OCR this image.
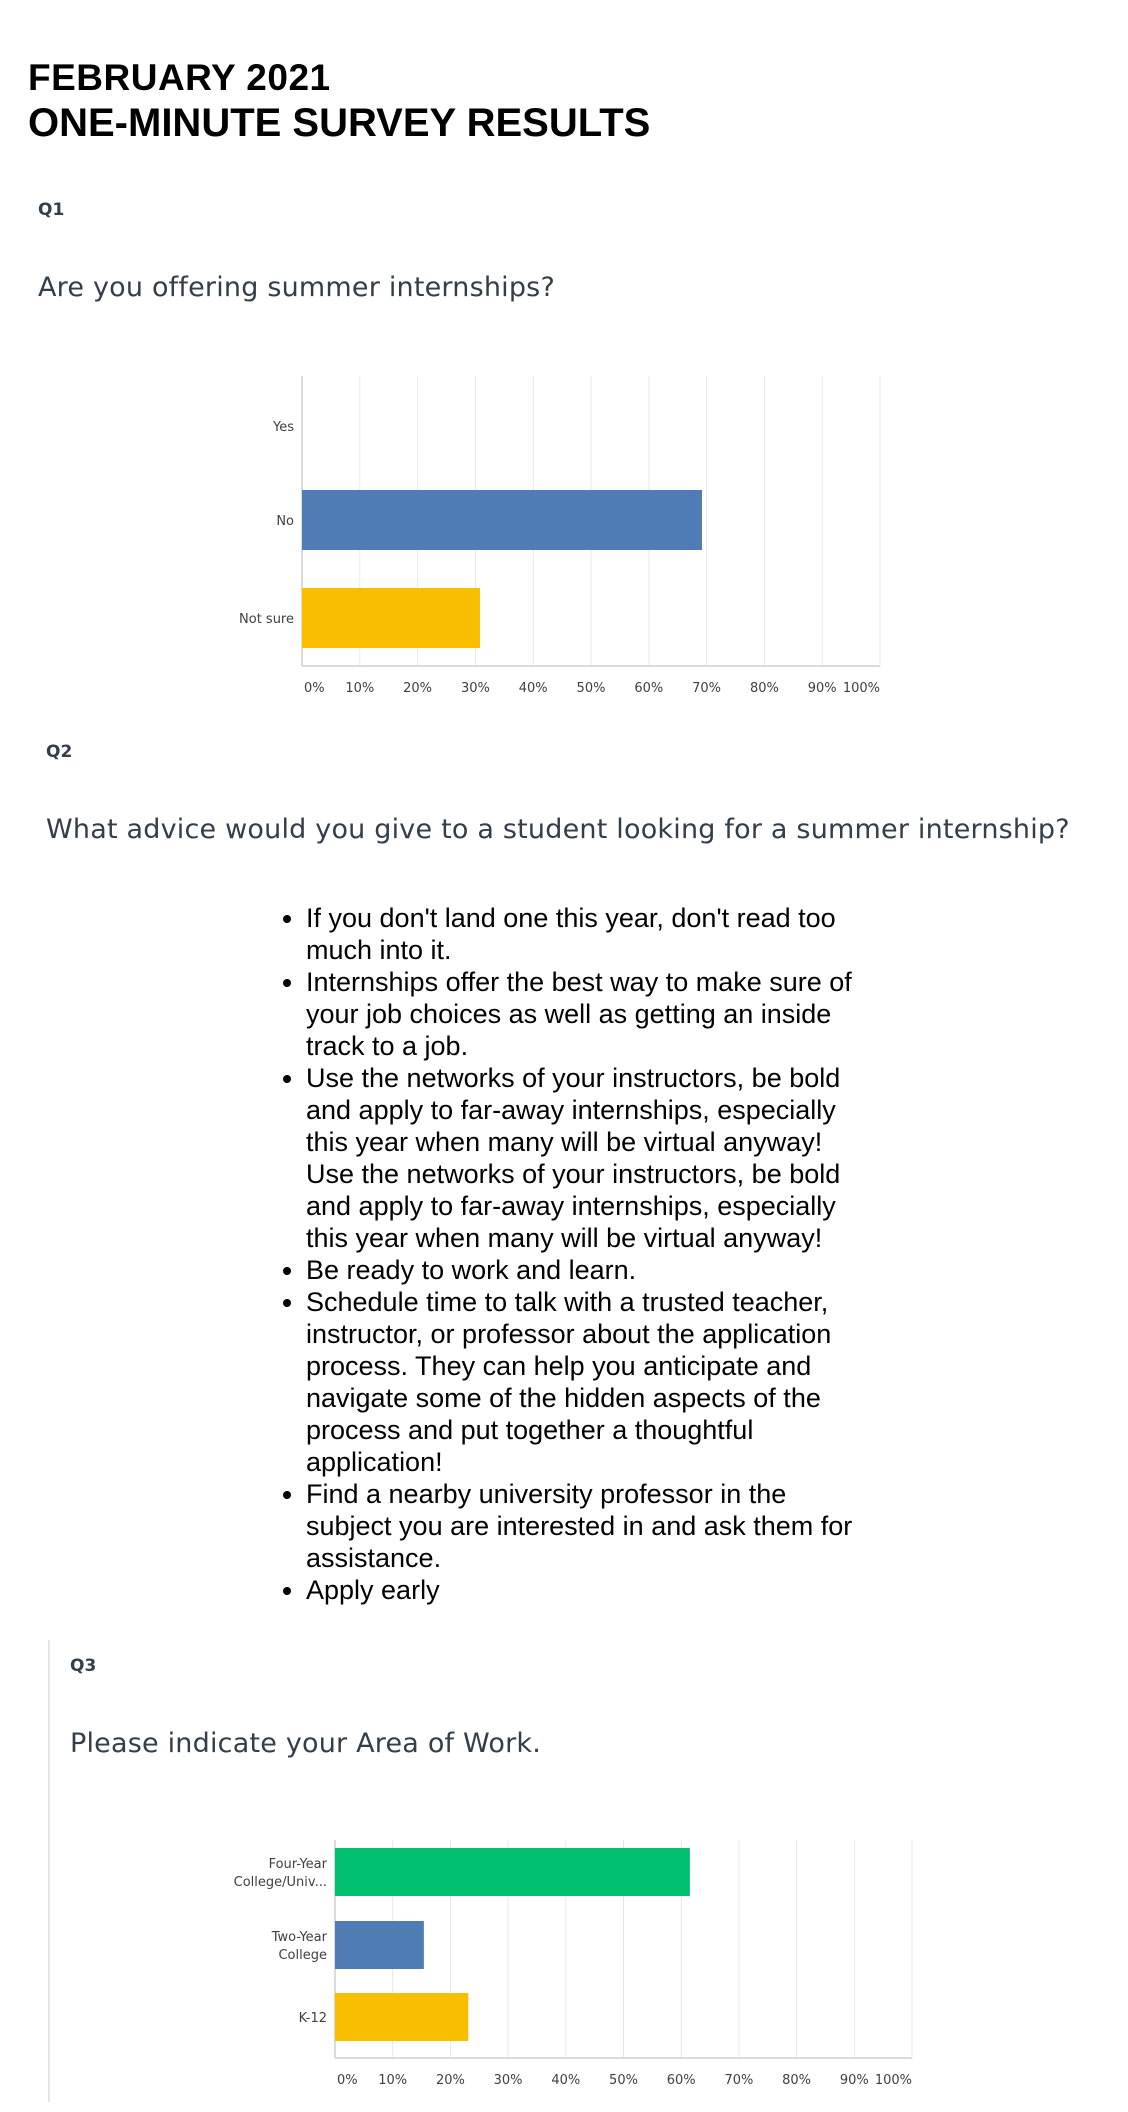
FEBRUARY 2021
ONE-MINUTE SURVEY RESULTS
Q1
Are you offering summer internships?
0% 10% 20% 30% 40% 50% 60% 70% 80% 90% 100%
Yes
No
Not sure
Q2
What advice would you give to a student looking for a summer internship?
• If you don't land one this year, don't read too much into it.
• Internships offer the best way to make sure of your job choices as well as getting an inside track to a job.
• Use the networks of your instructors, be bold and apply to far-away internships, especially this year when many will be virtual anyway! Use the networks of your instructors, be bold and apply to far-away internships, especially this year when many will be virtual anyway!
• Be ready to work and learn.
• Schedule time to talk with a trusted teacher, instructor, or professor about the application process. They can help you anticipate and navigate some of the hidden aspects of the process and put together a thoughtful application!
• Find a nearby university professor in the subject you are interested in and ask them for assistance.
• Apply early
Q3
Please indicate your Area of Work.
0% 10% 20% 30% 40% 50% 60% 70% 80% 90% 100%
Four-Year
College/Univ...
Two-Year
College
K-12
